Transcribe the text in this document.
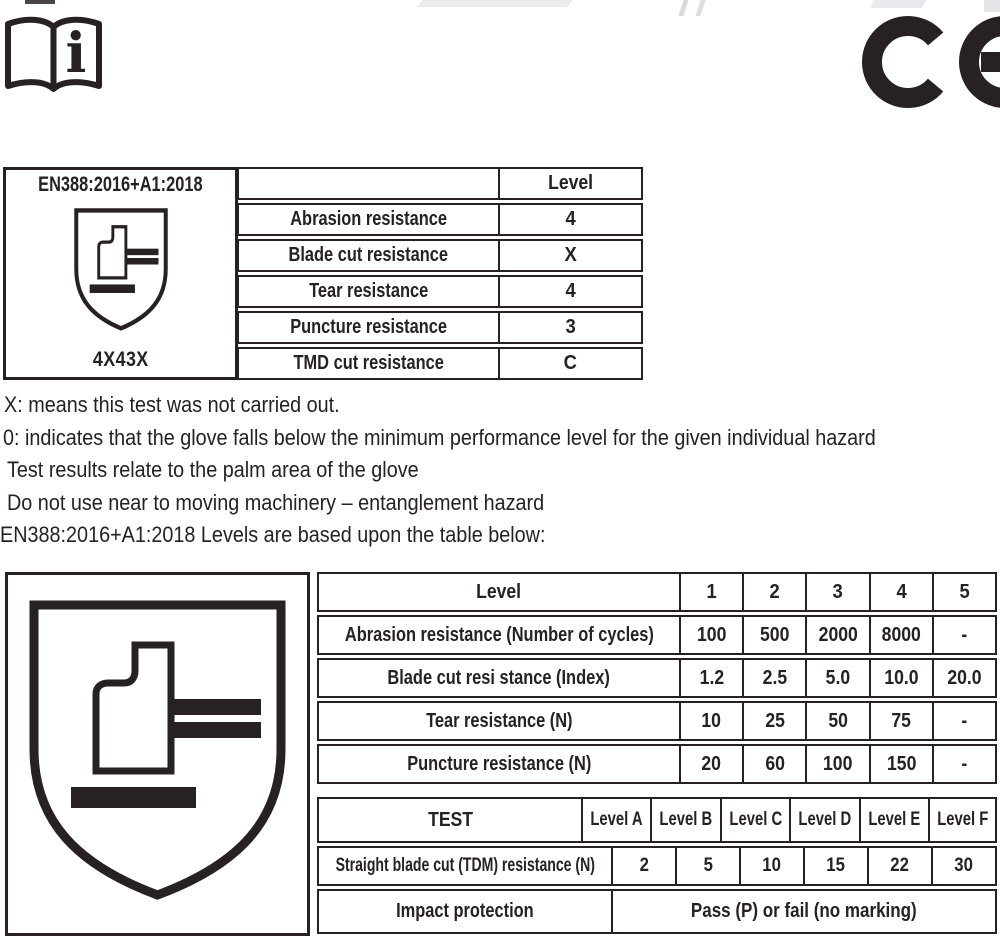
i
EN388:2016+A1:2018
4X43X
Level
Abrasion resistance	4
Blade cut resistance	X
Tear resistance	4
Puncture resistance	3
TMD cut resistance	C
X: means this test was not carried out.
0: indicates that the glove falls below the minimum performance level for the given individual hazard
Test results relate to the palm area of the glove
Do not use near to moving machinery – entanglement hazard
EN388:2016+A1:2018 Levels are based upon the table below:
Level	1	2	3	4	5
Abrasion resistance (Number of cycles) 100 500 2000 8000 -
Blade cut resi stance (Index)	1.2 2.5 5.0 10.0 20.0
Tear resistance (N)	10 25 50 75	-
Puncture resistance (N)	20 60 100 150 -
TEST	Level A Level B Level C Level D Level E Level F
Straight blade cut (TDM) resistance (N) 2	5	10 15 22 30
Impact protection	Pass (P) or fail (no marking)
